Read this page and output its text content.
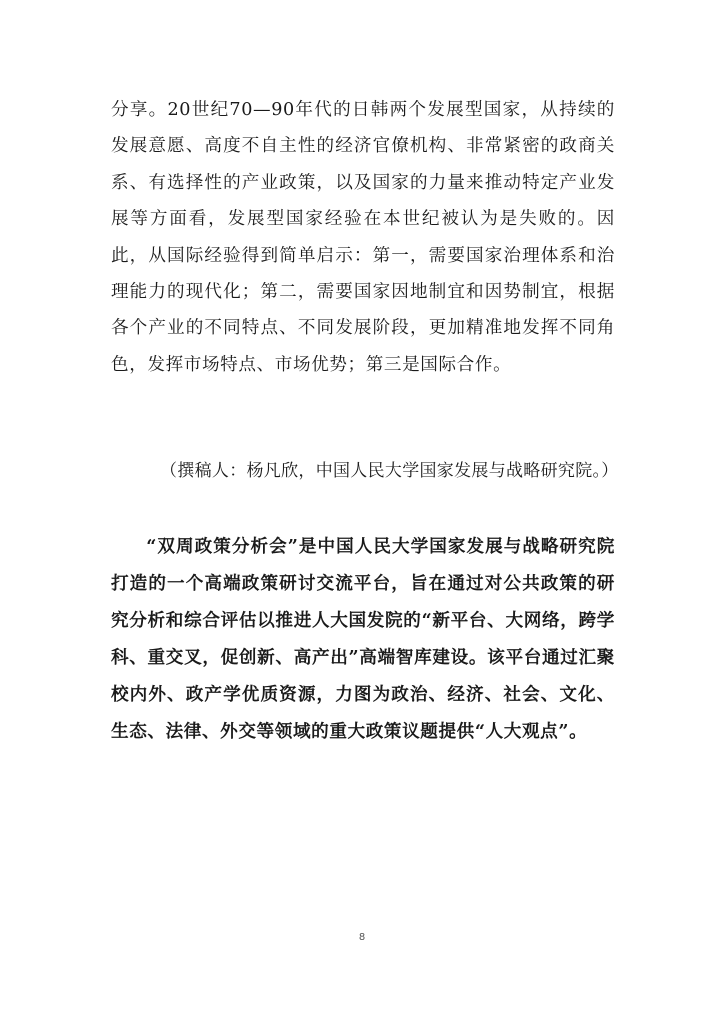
分享。20世纪70—90年代的日韩两个发展型国家，从持续的发展意愿、高度不自主性的经济官僚机构、非常紧密的政商关系、有选择性的产业政策，以及国家的力量来推动特定产业发展等方面看，发展型国家经验在本世纪被认为是失败的。因此，从国际经验得到简单启示：第一，需要国家治理体系和治理能力的现代化；第二，需要国家因地制宜和因势制宜，根据各个产业的不同特点、不同发展阶段，更加精准地发挥不同角色，发挥市场特点、市场优势；第三是国际合作。

（撰稿人：杨凡欣，中国人民大学国家发展与战略研究院。）

“双周政策分析会”是中国人民大学国家发展与战略研究院打造的一个高端政策研讨交流平台，旨在通过对公共政策的研究分析和综合评估以推进人大国发院的“新平台、大网络，跨学科、重交叉，促创新、高产出”高端智库建设。该平台通过汇聚校内外、政产学优质资源，力图为政治、经济、社会、文化、生态、法律、外交等领域的重大政策议题提供“人大观点”。

8
